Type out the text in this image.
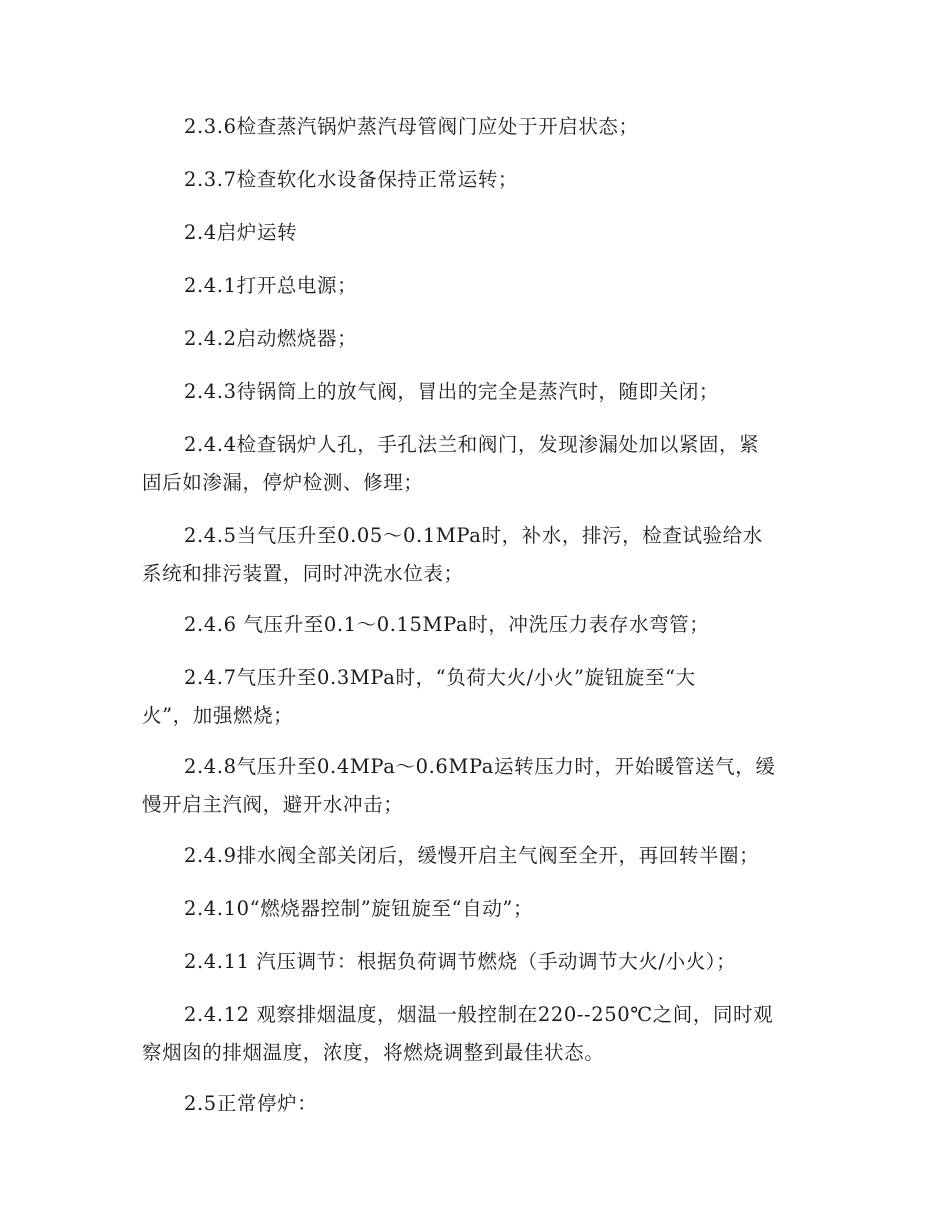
2.3.6检查蒸汽锅炉蒸汽母管阀门应处于开启状态；
2.3.7检查软化水设备保持正常运转；
2.4启炉运转
2.4.1打开总电源；
2.4.2启动燃烧器；
2.4.3待锅筒上的放气阀，冒出的完全是蒸汽时，随即关闭；
2.4.4检查锅炉人孔，手孔法兰和阀门，发现渗漏处加以紧固，紧
固后如渗漏，停炉检测、修理；
2.4.5当气压升至0.05～0.1MPa时，补水，排污，检查试验给水
系统和排污装置，同时冲洗水位表；
2.4.6 气压升至0.1～0.15MPa时，冲洗压力表存水弯管；
2.4.7气压升至0.3MPa时，“负荷大火/小火”旋钮旋至“大
火”，加强燃烧；
2.4.8气压升至0.4MPa～0.6MPa运转压力时，开始暖管送气，缓
慢开启主汽阀，避开水冲击；
2.4.9排水阀全部关闭后，缓慢开启主气阀至全开，再回转半圈；
2.4.10“燃烧器控制”旋钮旋至“自动”；
2.4.11 汽压调节：根据负荷调节燃烧（手动调节大火/小火）；
2.4.12 观察排烟温度，烟温一般控制在220--250℃之间，同时观
察烟囱的排烟温度，浓度，将燃烧调整到最佳状态。
2.5正常停炉：
